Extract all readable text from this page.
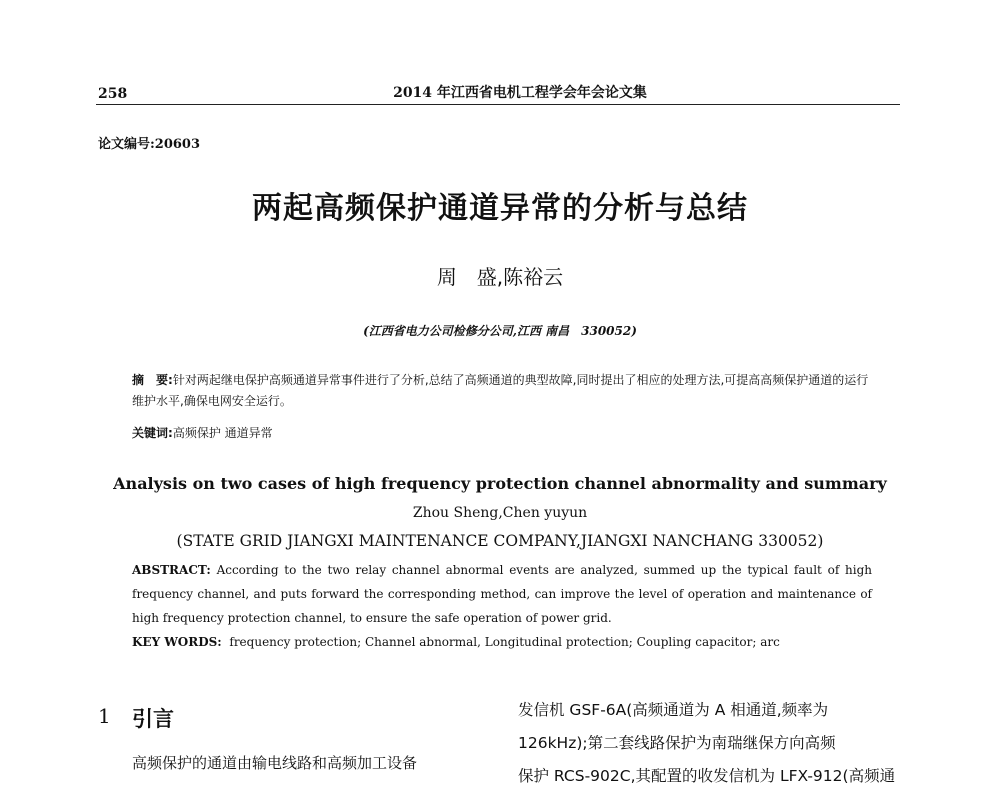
258	2014 年江西省电机工程学会年会论文集
论文编号:20603
两起高频保护通道异常的分析与总结
周　盛,陈裕云
(江西省电力公司检修分公司,江西 南昌　330052)
摘　要:针对两起继电保护高频通道异常事件进行了分析,总结了高频通道的典型故障,同时提出了相应的处理方法,可提高高频保护通道的运行维护水平,确保电网安全运行。
关键词:高频保护 通道异常
Analysis on two cases of high frequency protection channel abnormality and summary
Zhou Sheng,Chen yuyun
(STATE GRID JIANGXI MAINTENANCE COMPANY,JIANGXI NANCHANG 330052)
ABSTRACT: According to the two relay channel abnormal events are analyzed, summed up the typical fault of high frequency channel, and puts forward the corresponding method, can improve the level of operation and maintenance of high frequency protection channel, to ensure the safe operation of power grid.
KEY WORDS: frequency protection; Channel abnormal, Longitudinal protection; Coupling capacitor; arc
1 引言
高频保护的通道由输电线路和高频加工设备
发信机 GSF-6A(高频通道为 A 相通道,频率为
126kHz);第二套线路保护为南瑞继保方向高频
保护 RCS-902C,其配置的收发信机为 LFX-912(高频通
